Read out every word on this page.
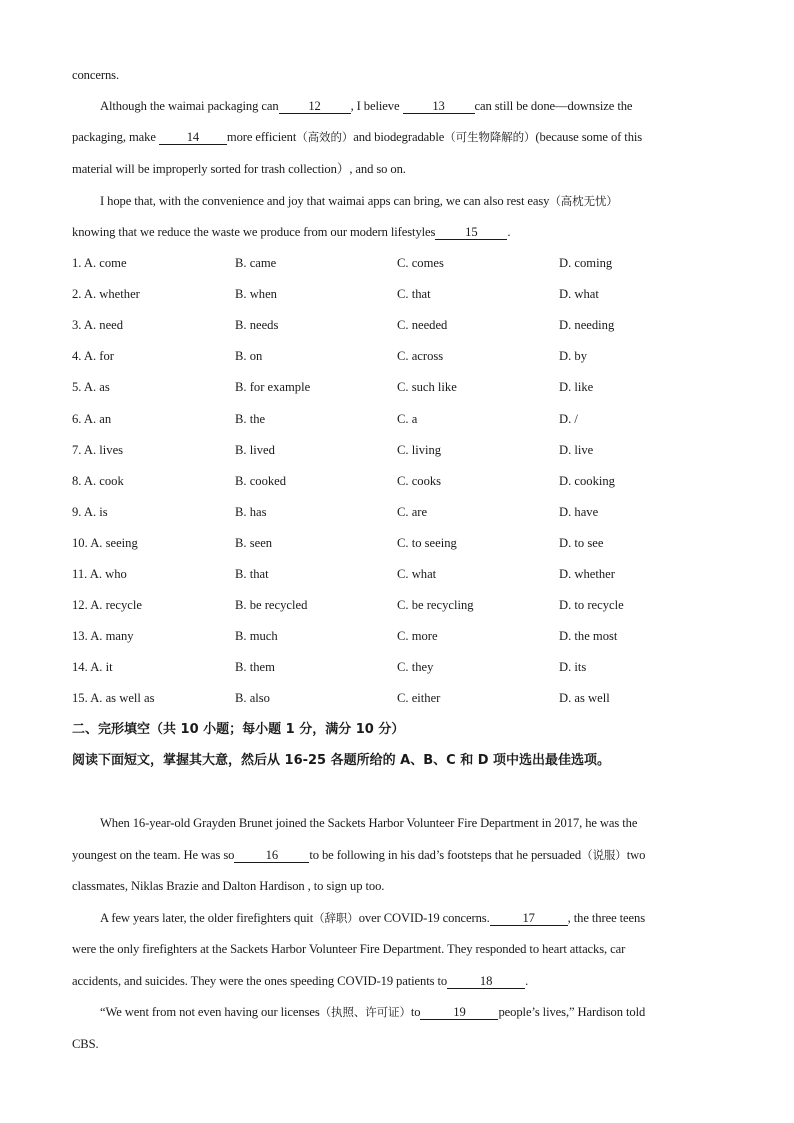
concerns.
Although the waimai packaging can 12 , I believe	13 can still be done—downsize the
packaging, make 14 more efficient（高效的）and biodegradable（可生物降解的）(because some of this
material will be improperly sorted for trash collection）, and so on.
I hope that, with the convenience and joy that waimai apps can bring, we can also rest easy（高枕无忧）
knowing that we reduce the waste we produce from our modern lifestyles 15 .
1. A. come	B. came	C. comes	D. coming
2. A. whether	B. when	C. that	D. what
3. A. need	B. needs	C. needed	D. needing
4. A. for	B. on	C. across	D. by
5. A. as	B. for example	C. such like	D. like
6. A. an	B. the	C. a	D. /
7. A. lives	B. lived	C. living	D. live
8. A. cook	B. cooked	C. cooks	D. cooking
9. A. is	B. has	C. are	D. have
10. A. seeing	B. seen	C. to seeing	D. to see
11. A. who	B. that	C. what	D. whether
12. A. recycle	B. be recycled	C. be recycling	D. to recycle
13. A. many	B. much	C. more	D. the most
14. A. it	B. them	C. they	D. its
15. A. as well as	B. also	C. either	D. as well
二、完形填空（共 10 小题；每小题 1 分，满分 10 分）
阅读下面短文，掌握其大意，然后从 16-25 各题所给的 A、B、C 和 D 项中选出最佳选项。
When 16-year-old Grayden Brunet joined the Sackets Harbor Volunteer Fire Department in 2017, he was the
youngest on the team. He was so 16 to be following in his dad’s footsteps that he persuaded（说服）two
classmates, Niklas Brazie and Dalton Hardison , to sign up too.
A few years later, the older firefighters quit（辞职）over COVID-19 concerns.	17	, the three teens
were the only firefighters at the Sackets Harbor Volunteer Fire Department. They responded to heart attacks, car
accidents, and suicides. They were the ones speeding COVID-19 patients to	18	.
“We went from not even having our licenses（执照、许可证）to	19	people’s lives,” Hardison told
CBS.
